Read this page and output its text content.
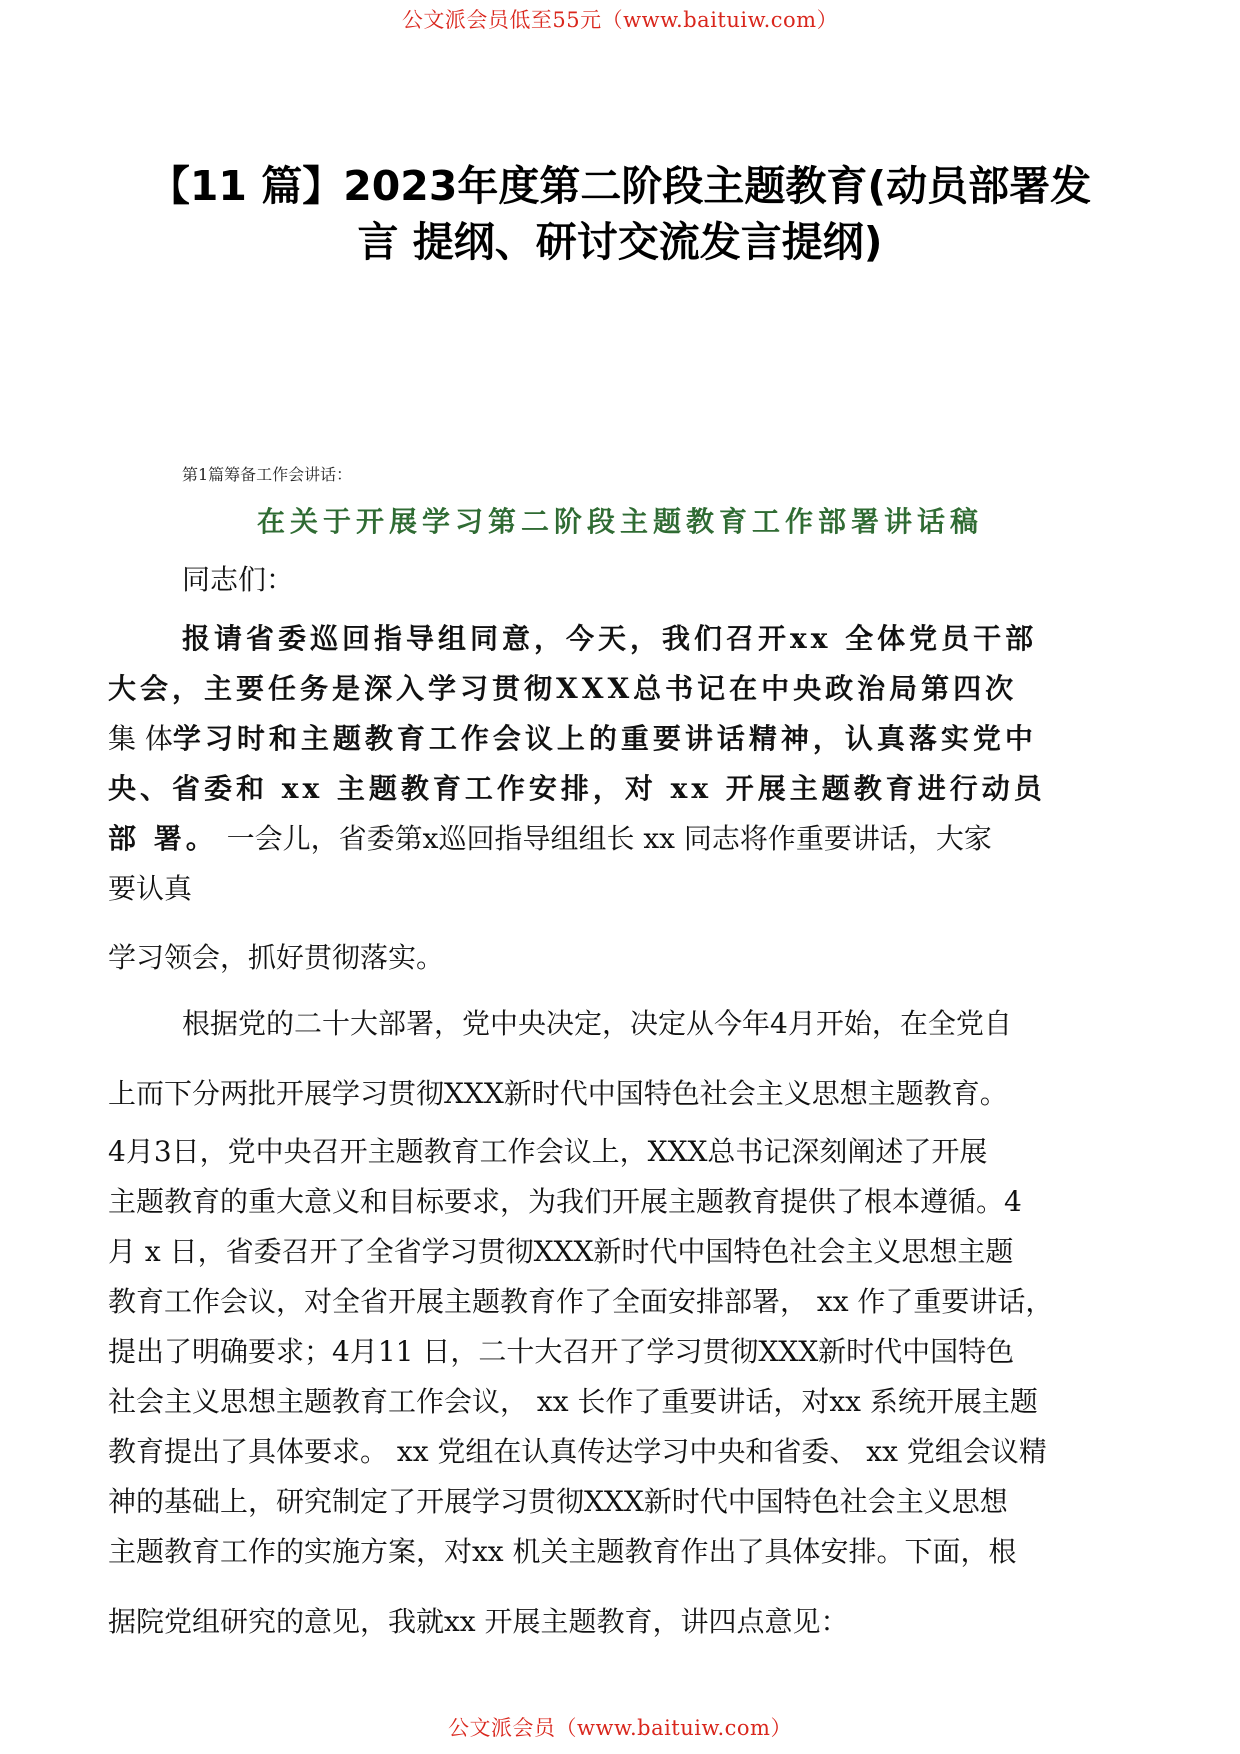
公文派会员低至55元（www.baituiw.com）
【11 篇】2023年度第二阶段主题教育(动员部署发
言 提纲、研讨交流发言提纲)
第1篇筹备工作会讲话：
在关于开展学习第二阶段主题教育工作部署讲话稿
同志们：
报请省委巡回指导组同意，今天，我们召开xx 全体党员干部
大会，主要任务是深入学习贯彻XXX总书记在中央政治局第四次
集 体学习时和主题教育工作会议上的重要讲话精神，认真落实党中
央、省委和 xx 主题教育工作安排，对 xx 开展主题教育进行动员
部 署。 一会儿，省委第x巡回指导组组长 xx 同志将作重要讲话，大家
要认真
学习领会，抓好贯彻落实。
根据党的二十大部署，党中央决定，决定从今年4月开始，在全党自
上而下分两批开展学习贯彻XXX新时代中国特色社会主义思想主题教育。
4月3日，党中央召开主题教育工作会议上，XXX总书记深刻阐述了开展
主题教育的重大意义和目标要求，为我们开展主题教育提供了根本遵循。4
月 x 日，省委召开了全省学习贯彻XXX新时代中国特色社会主义思想主题
教育工作会议，对全省开展主题教育作了全面安排部署， xx 作了重要讲话，
提出了明确要求；4月11 日，二十大召开了学习贯彻XXX新时代中国特色
社会主义思想主题教育工作会议， xx 长作了重要讲话，对xx 系统开展主题
教育提出了具体要求。 xx 党组在认真传达学习中央和省委、 xx 党组会议精
神的基础上，研究制定了开展学习贯彻XXX新时代中国特色社会主义思想
主题教育工作的实施方案，对xx 机关主题教育作出了具体安排。下面，根
据院党组研究的意见，我就xx 开展主题教育，讲四点意见：
公文派会员（www.baituiw.com）
